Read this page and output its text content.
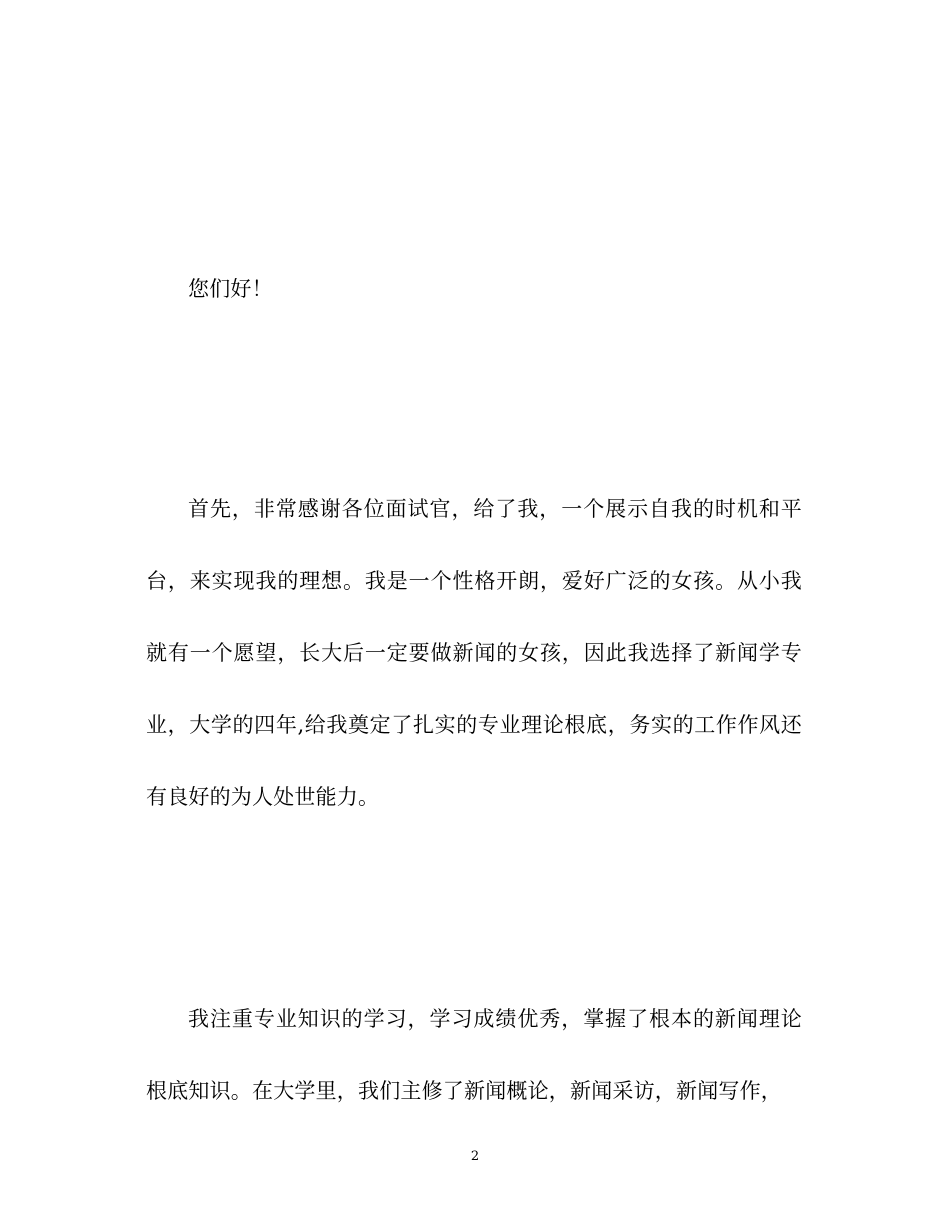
您们好！

首先，非常感谢各位面试官，给了我，一个展示自我的时机和平台，来实现我的理想。我是一个性格开朗，爱好广泛的女孩。从小我就有一个愿望，长大后一定要做新闻的女孩，因此我选择了新闻学专业，大学的四年,给我奠定了扎实的专业理论根底，务实的工作作风还有良好的为人处世能力。

我注重专业知识的学习，学习成绩优秀，掌握了根本的新闻理论根底知识。在大学里，我们主修了新闻概论，新闻采访，新闻写作，

2
